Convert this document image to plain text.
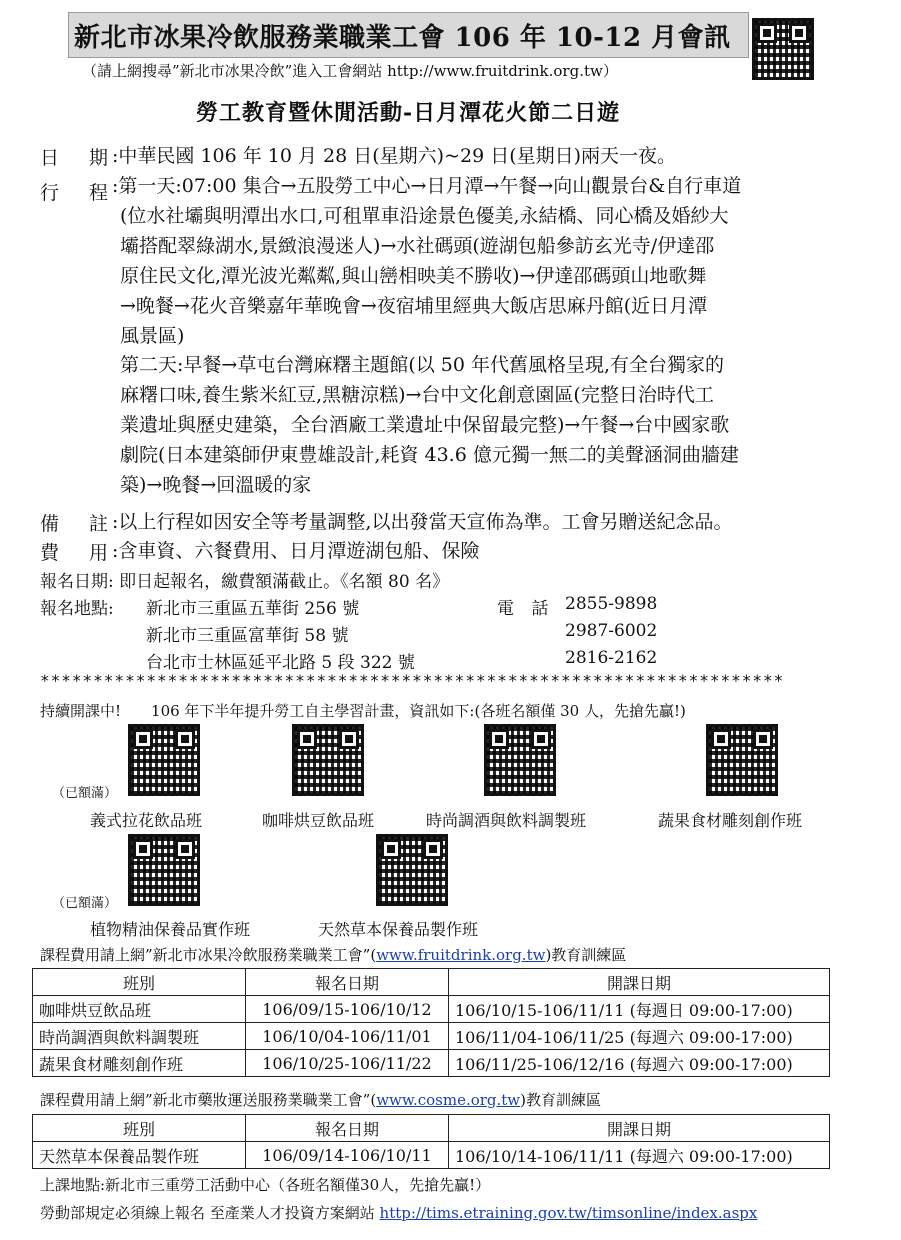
新北市冰果冷飲服務業職業工會 106 年 10-12 月會訊
（請上網搜尋”新北市冰果冷飲”進入工會網站 http://www.fruitdrink.org.tw）
勞工教育暨休閒活動-日月潭花火節二日遊
日 期
:中華民國 106 年 10 月 28 日(星期六)~29 日(星期日)兩天一夜。
行 程
:第一天:07:00 集合→五股勞工中心→日月潭→午餐→向山觀景台&自行車道
(位水社壩與明潭出水口,可租單車沿途景色優美,永結橋、同心橋及婚紗大
壩搭配翠綠湖水,景緻浪漫迷人)→水社碼頭(遊湖包船參訪玄光寺/伊達邵
原住民文化,潭光波光粼粼,與山巒相映美不勝收)→伊達邵碼頭山地歌舞
→晚餐→花火音樂嘉年華晚會→夜宿埔里經典大飯店思麻丹館(近日月潭
風景區)
第二天:早餐→草屯台灣麻糬主題館(以 50 年代舊風格呈現,有全台獨家的
麻糬口味,養生紫米紅豆,黑糖涼糕)→台中文化創意園區(完整日治時代工
業遺址與歷史建築，全台酒廠工業遺址中保留最完整)→午餐→台中國家歌
劇院(日本建築師伊東豊雄設計,耗資 43.6 億元獨一無二的美聲涵洞曲牆建
築)→晚餐→回溫暖的家
備 註
:以上行程如因安全等考量調整,以出發當天宣佈為準。工會另贈送紀念品。
費 用
:含車資、六餐費用、日月潭遊湖包船、保險
報名日期: 即日起報名，繳費額滿截止。《名額 80 名》
報名地點: 新北市三重區五華街 256 號	電 話 2855-9898
新北市三重區富華街 58 號	2987-6002
台北市士林區延平北路 5 段 322 號	2816-2162
**********************************************************************
持續開課中!　　106 年下半年提升勞工自主學習計畫，資訊如下:(各班名額僅 30 人，先搶先贏!)
（已額滿）
義式拉花飲品班	咖啡烘豆飲品班	時尚調酒與飲料調製班	蔬果食材雕刻創作班
（已額滿）
植物精油保養品實作班	天然草本保養品製作班
課程費用請上網”新北市冰果冷飲服務業職業工會”(www.fruitdrink.org.tw)教育訓練區
班別	報名日期	開課日期
咖啡烘豆飲品班	106/09/15-106/10/12	106/10/15-106/11/11 (每週日 09:00-17:00)
時尚調酒與飲料調製班	106/10/04-106/11/01	106/11/04-106/11/25 (每週六 09:00-17:00)
蔬果食材雕刻創作班	106/10/25-106/11/22	106/11/25-106/12/16 (每週六 09:00-17:00)
課程費用請上網”新北市藥妝運送服務業職業工會”(www.cosme.org.tw)教育訓練區
班別	報名日期	開課日期
天然草本保養品製作班	106/09/14-106/10/11	106/10/14-106/11/11 (每週六 09:00-17:00)
上課地點:新北市三重勞工活動中心（各班名額僅30人，先搶先贏!）
勞動部規定必須線上報名 至產業人才投資方案網站 http://tims.etraining.gov.tw/timsonline/index.aspx
